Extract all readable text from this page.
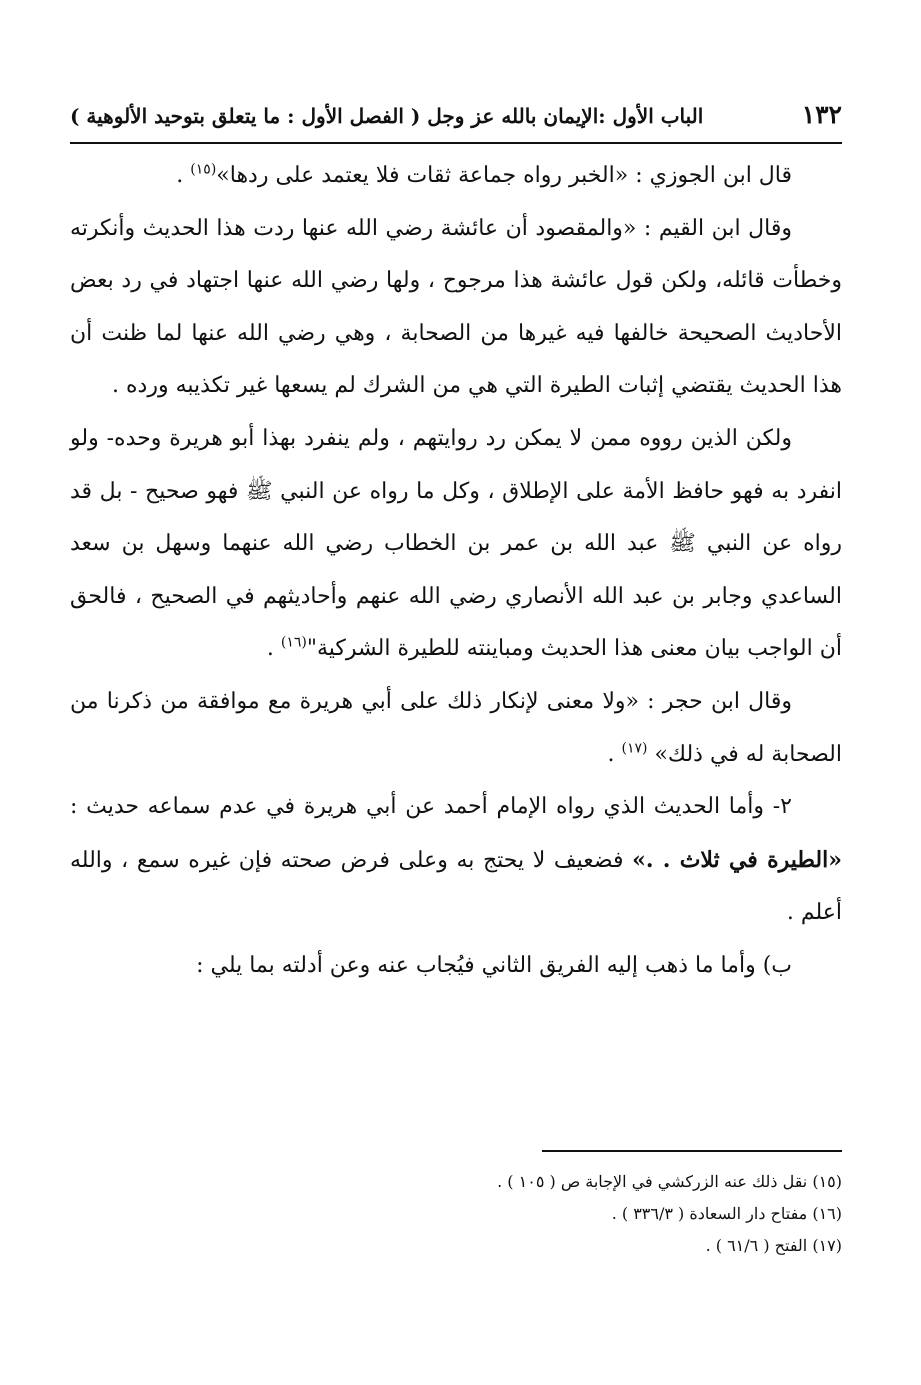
١٣٢
الباب الأول :الإيمان بالله عز وجل ( الفصل الأول : ما يتعلق بتوحيد الألوهية )

قال ابن الجوزي : «الخبر رواه جماعة ثقات فلا يعتمد على ردها»$^{(١٥)}$ .

وقال ابن القيم : «والمقصود أن عائشة رضي الله عنها ردت هذا الحديث وأنكرته وخطأت قائله، ولكن قول عائشة هذا مرجوح ، ولها رضي الله عنها اجتهاد في رد بعض الأحاديث الصحيحة خالفها فيه غيرها من الصحابة ، وهي رضي الله عنها لما ظنت أن هذا الحديث يقتضي إثبات الطيرة التي هي من الشرك لم يسعها غير تكذيبه ورده .

ولكن الذين رووه ممن لا يمكن رد روايتهم ، ولم ينفرد بهذا أبو هريرة وحده- ولو انفرد به فهو حافظ الأمة على الإطلاق ، وكل ما رواه عن النبي ﷺ فهو صحيح - بل قد رواه عن النبي ﷺ عبد الله بن عمر بن الخطاب رضي الله عنهما وسهل بن سعد الساعدي وجابر بن عبد الله الأنصاري رضي الله عنهم وأحاديثهم في الصحيح ، فالحق أن الواجب بيان معنى هذا الحديث ومباينته للطيرة الشركية"$^{(١٦)}$ .

وقال ابن حجر : «ولا معنى لإنكار ذلك على أبي هريرة مع موافقة من ذكرنا من الصحابة له في ذلك» $^{(١٧)}$ .

٢- وأما الحديث الذي رواه الإمام أحمد عن أبي هريرة في عدم سماعه حديث : «الطيرة في ثلاث . .» فضعيف لا يحتج به وعلى فرض صحته فإن غيره سمع ، والله أعلم .

ب) وأما ما ذهب إليه الفريق الثاني فيُجاب عنه وعن أدلته بما يلي :

(١٥) نقل ذلك عنه الزركشي في الإجابة ص ( ١٠٥ ) .

(١٦) مفتاح دار السعادة ( ٣٣٦/٣ ) .

(١٧) الفتح ( ٦١/٦ ) .
